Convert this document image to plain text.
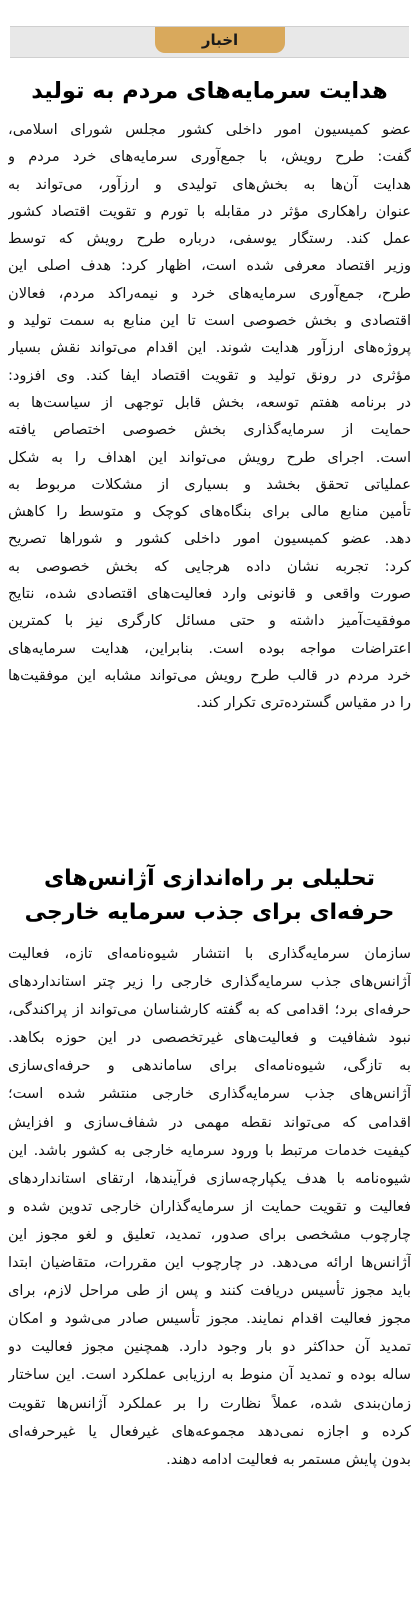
اخبار
هدایت سرمایه‌های مردم به تولید
عضو کمیسیون امور داخلی کشور مجلس شورای اسلامی،
گفت: طرح رویش، با جمع‌آوری سرمایه‌های خرد مردم و
هدایت آن‌ها به بخش‌های تولیدی و ارزآور، می‌تواند به
عنوان راهکاری مؤثر در مقابله با تورم و تقویت اقتصاد کشور
عمل کند. رستگار یوسفی، درباره طرح رویش که توسط
وزیر اقتصاد معرفی شده است، اظهار کرد: هدف اصلی این
طرح، جمع‌آوری سرمایه‌های خرد و نیمه‌راکد مردم، فعالان
اقتصادی و بخش خصوصی است تا این منابع به سمت تولید و
پروژه‌های ارزآور هدایت شوند. این اقدام می‌تواند نقش بسیار
مؤثری در رونق تولید و تقویت اقتصاد ایفا کند. وی افزود:
در برنامه هفتم توسعه، بخش قابل توجهی از سیاست‌ها به
حمایت از سرمایه‌گذاری بخش خصوصی اختصاص یافته
است. اجرای طرح رویش می‌تواند این اهداف را به شکل
عملیاتی تحقق بخشد و بسیاری از مشکلات مربوط به
تأمین منابع مالی برای بنگاه‌های کوچک و متوسط را کاهش
دهد. عضو کمیسیون امور داخلی کشور و شوراها تصریح
کرد: تجربه نشان داده هرجایی که بخش خصوصی به
صورت واقعی و قانونی وارد فعالیت‌های اقتصادی شده، نتایج
موفقیت‌آمیز داشته و حتی مسائل کارگری نیز با کمترین
اعتراضات مواجه بوده است. بنابراین، هدایت سرمایه‌های
خرد مردم در قالب طرح رویش می‌تواند مشابه این موفقیت‌ها
را در مقیاس گسترده‌تری تکرار کند.
تحلیلی بر راه‌اندازی آژانس‌های
حرفه‌ای برای جذب سرمایه خارجی
سازمان سرمایه‌گذاری با انتشار شیوه‌نامه‌ای تازه، فعالیت
آژانس‌های جذب سرمایه‌گذاری خارجی را زیر چتر استانداردهای
حرفه‌ای برد؛ اقدامی که به گفته کارشناسان می‌تواند از پراکندگی،
نبود شفافیت و فعالیت‌های غیرتخصصی در این حوزه بکاهد.
به تازگی، شیوه‌نامه‌ای برای ساماندهی و حرفه‌ای‌سازی
آژانس‌های جذب سرمایه‌گذاری خارجی منتشر شده است؛
اقدامی که می‌تواند نقطه مهمی در شفاف‌سازی و افزایش
کیفیت خدمات مرتبط با ورود سرمایه خارجی به کشور باشد. این
شیوه‌نامه با هدف یکپارچه‌سازی فرآیندها، ارتقای استانداردهای
فعالیت و تقویت حمایت از سرمایه‌گذاران خارجی تدوین شده و
چارچوب مشخصی برای صدور، تمدید، تعلیق و لغو مجوز این
آژانس‌ها ارائه می‌دهد. در چارچوب این مقررات، متقاضیان ابتدا
باید مجوز تأسیس دریافت کنند و پس از طی مراحل لازم، برای
مجوز فعالیت اقدام نمایند. مجوز تأسیس صادر می‌شود و امکان
تمدید آن حداکثر دو بار وجود دارد. همچنین مجوز فعالیت دو
ساله بوده و تمدید آن منوط به ارزیابی عملکرد است. این ساختار
زمان‌بندی شده، عملاً نظارت را بر عملکرد آژانس‌ها تقویت
کرده و اجازه نمی‌دهد مجموعه‌های غیرفعال یا غیرحرفه‌ای
بدون پایش مستمر به فعالیت ادامه دهند.
